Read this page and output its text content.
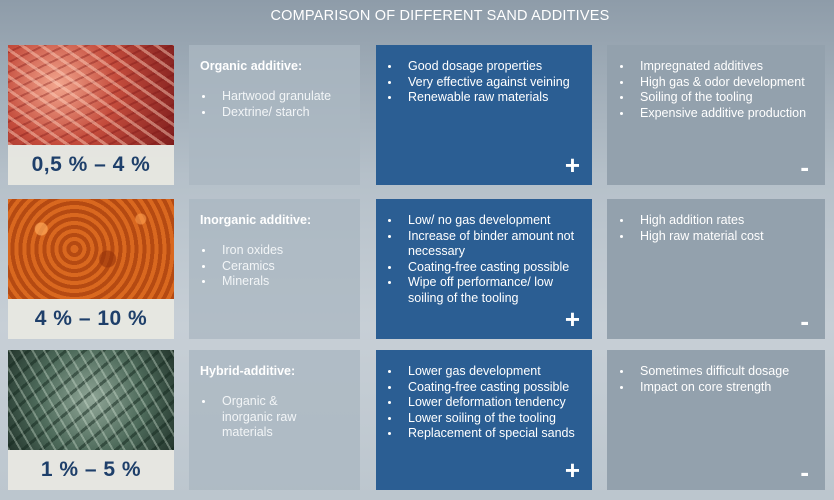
COMPARISON OF DIFFERENT SAND ADDITIVES
0,5 % – 4 %
Organic additive:
Hartwood granulate
Dextrine/ starch
Good dosage properties
Very effective against veining
Renewable raw materials
+
Impregnated additives
High gas & odor development
Soiling of the tooling
Expensive additive production
-
4 % – 10 %
Inorganic additive:
Iron oxides
Ceramics
Minerals
Low/ no gas development
Increase of binder amount not necessary
Coating-free casting possible
Wipe off performance/ low soiling of the tooling
+
High addition rates
High raw material cost
-
1 % – 5 %
Hybrid-additive:
Organic & inorganic raw materials
Lower gas development
Coating-free casting possible
Lower deformation tendency
Lower soiling of the tooling
Replacement of special sands
+
Sometimes difficult dosage
Impact on core strength
-
